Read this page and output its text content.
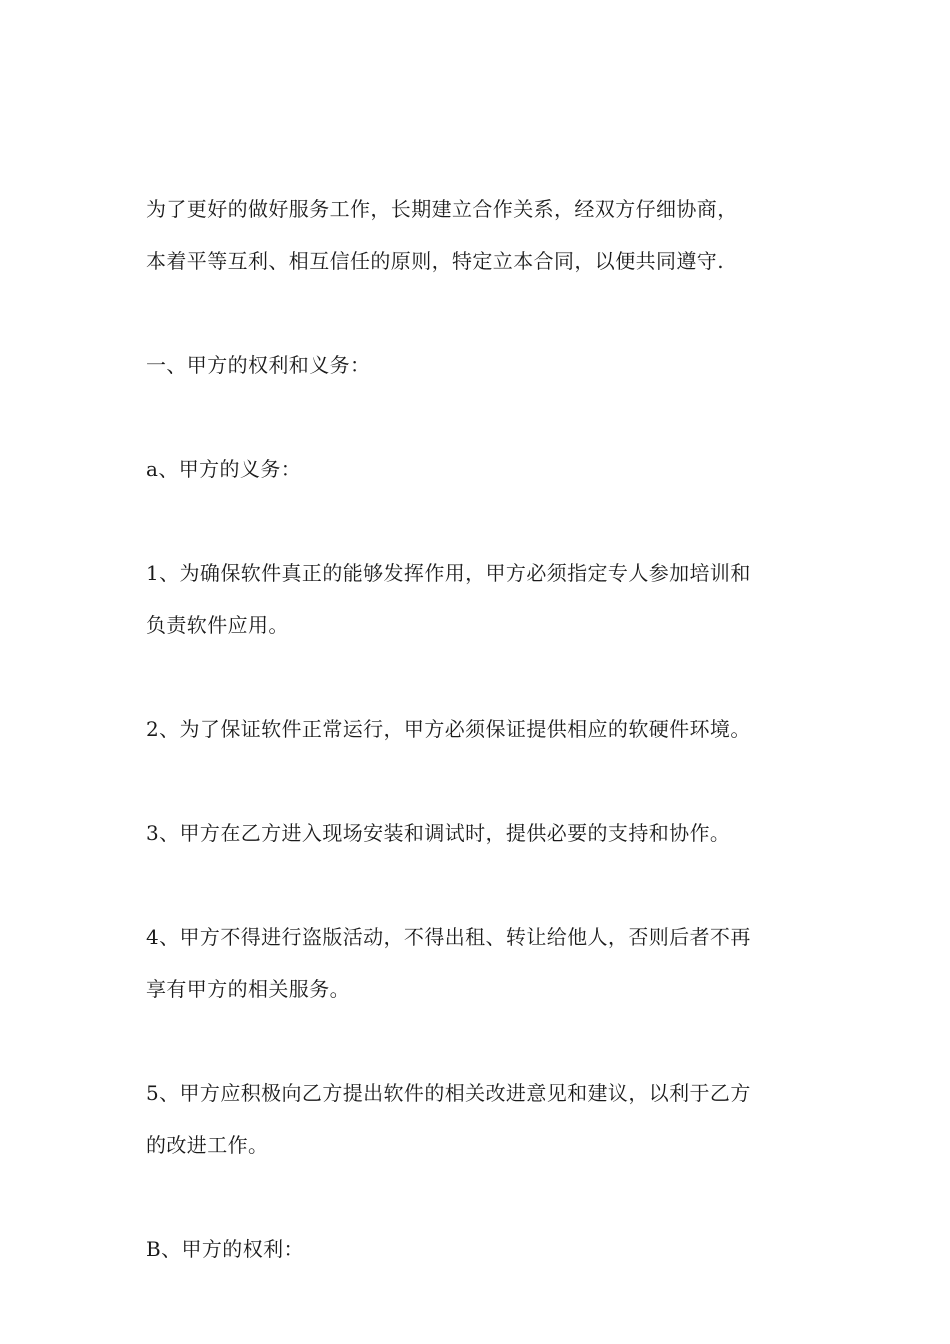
为了更好的做好服务工作，长期建立合作关系，经双方仔细协商，

本着平等互利、相互信任的原则，特定立本合同，以便共同遵守.

一、甲方的权利和义务：

a、甲方的义务：

1、为确保软件真正的能够发挥作用，甲方必须指定专人参加培训和

负责软件应用。

2、为了保证软件正常运行，甲方必须保证提供相应的软硬件环境。

3、甲方在乙方进入现场安装和调试时，提供必要的支持和协作。

4、甲方不得进行盗版活动，不得出租、转让给他人，否则后者不再

享有甲方的相关服务。

5、甲方应积极向乙方提出软件的相关改进意见和建议，以利于乙方

的改进工作。

B、甲方的权利：
